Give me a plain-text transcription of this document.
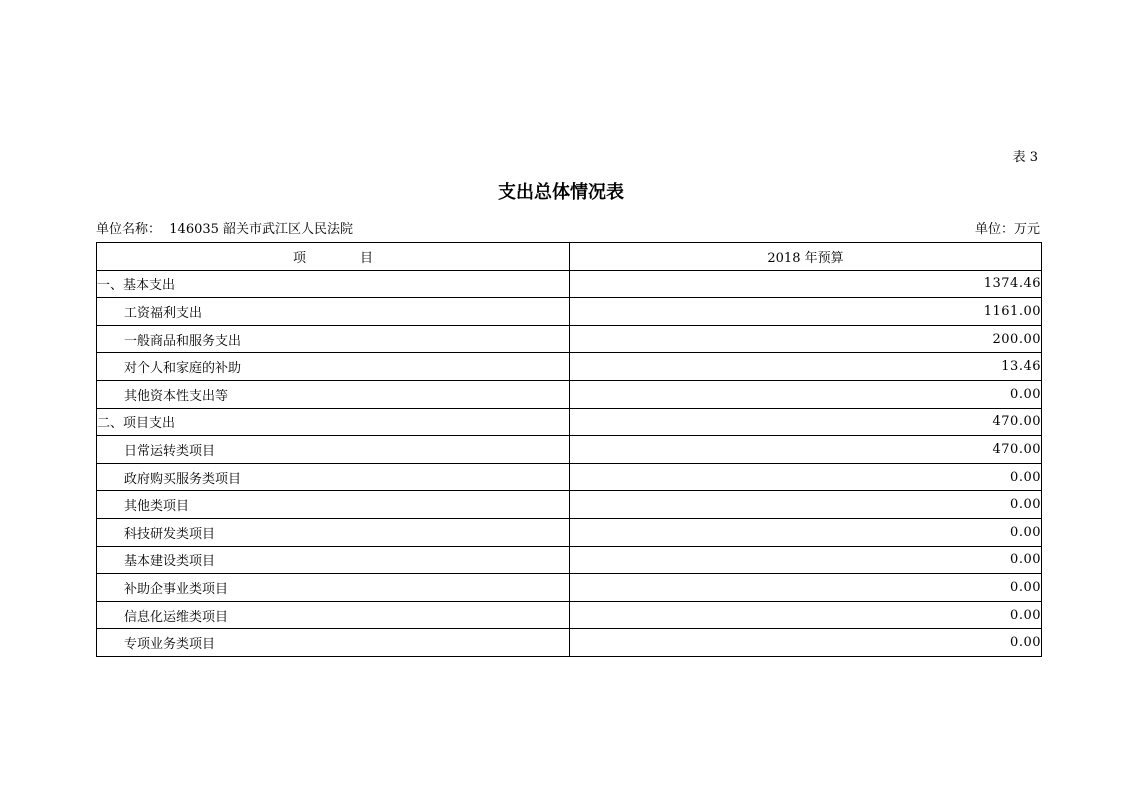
表 3
支出总体情况表
单位名称： 146035 韶关市武江区人民法院	单位：万元
项 目	2018 年预算
一、基本支出	1374.46
工资福利支出	1161.00
一般商品和服务支出	200.00
对个人和家庭的补助	13.46
其他资本性支出等	0.00
二、项目支出	470.00
日常运转类项目	470.00
政府购买服务类项目	0.00
其他类项目	0.00
科技研发类项目	0.00
基本建设类项目	0.00
补助企事业类项目	0.00
信息化运维类项目	0.00
专项业务类项目	0.00
